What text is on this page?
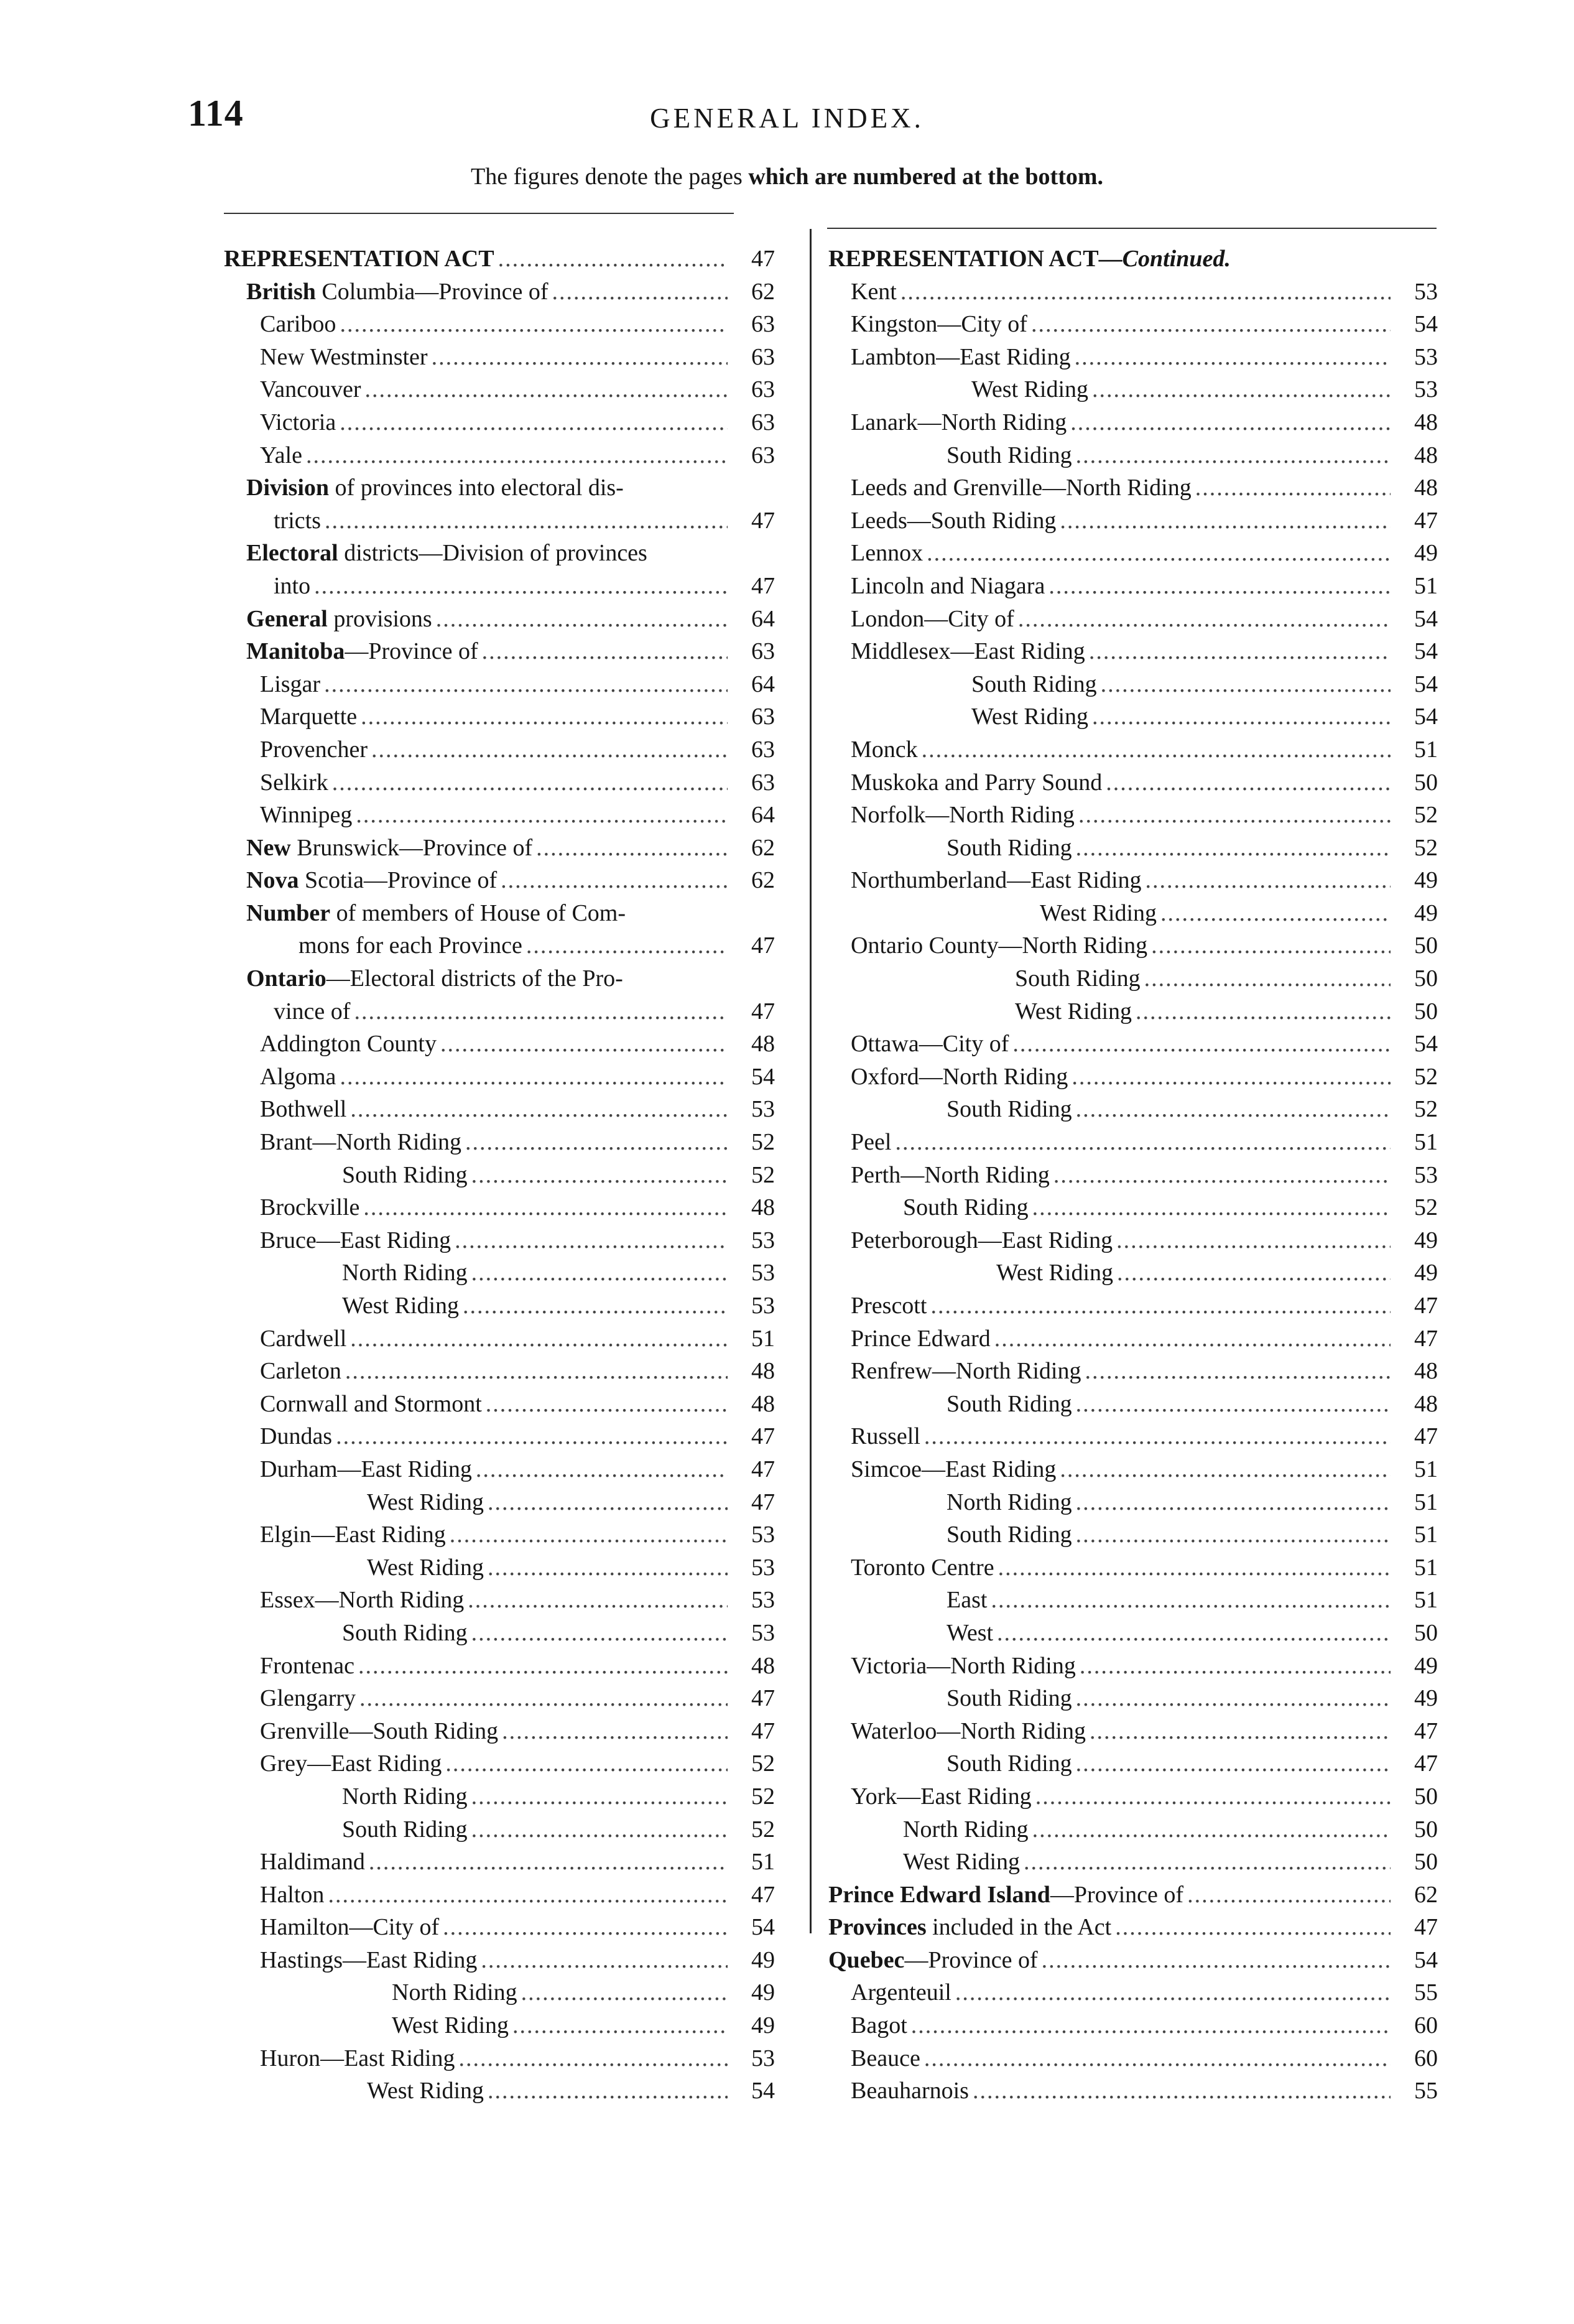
114	GENERAL INDEX.
The figures denote the pages which are numbered at the bottom.
REPRESENTATION ACT .....	47
British Columbia—Province of .....	62
Cariboo .....	63
New Westminster .....	63
Vancouver .....	63
Victoria .....	63
Yale .....	63
Division of provinces into electoral dis-
tricts .....	47
Electoral districts—Division of provinces
into .....	47
General provisions .....	64
Manitoba—Province of .....	63
Lisgar .....	64
Marquette .....	63
Provencher .....	63
Selkirk .....	63
Winnipeg .....	64
New Brunswick—Province of .....	62
Nova Scotia—Province of .....	62
Number of members of House of Com-
mons for each Province .....	47
Ontario—Electoral districts of the Pro-
vince of .....	47
Addington County .....	48
Algoma .....	54
Bothwell .....	53
Brant—North Riding .....	52
South Riding .....	52
Brockville .....	48
Bruce—East Riding .....	53
North Riding .....	53
West Riding .....	53
Cardwell .....	51
Carleton .....	48
Cornwall and Stormont .....	48
Dundas .....	47
Durham—East Riding .....	47
West Riding .....	47
Elgin—East Riding .....	53
West Riding .....	53
Essex—North Riding .....	53
South Riding .....	53
Frontenac .....	48
Glengarry .....	47
Grenville—South Riding .....	47
Grey—East Riding .....	52
North Riding .....	52
South Riding .....	52
Haldimand .....	51
Halton .....	47
Hamilton—City of .....	54
Hastings—East Riding .....	49
North Riding .....	49
West Riding .....	49
Huron—East Riding .....	53
West Riding .....	54
REPRESENTATION ACT—Continued.
Kent .....	53
Kingston—City of .....	54
Lambton—East Riding .....	53
West Riding .....	53
Lanark—North Riding .....	48
South Riding .....	48
Leeds and Grenville—North Riding .....	48
Leeds—South Riding .....	47
Lennox .....	49
Lincoln and Niagara .....	51
London—City of .....	54
Middlesex—East Riding .....	54
South Riding .....	54
West Riding .....	54
Monck .....	51
Muskoka and Parry Sound .....	50
Norfolk—North Riding .....	52
South Riding .....	52
Northumberland—East Riding .....	49
West Riding .....	49
Ontario County—North Riding .....	50
South Riding .....	50
West Riding .....	50
Ottawa—City of .....	54
Oxford—North Riding .....	52
South Riding .....	52
Peel .....	51
Perth—North Riding .....	53
South Riding .....	52
Peterborough—East Riding .....	49
West Riding .....	49
Prescott .....	47
Prince Edward .....	47
Renfrew—North Riding .....	48
South Riding .....	48
Russell .....	47
Simcoe—East Riding .....	51
North Riding .....	51
South Riding .....	51
Toronto Centre .....	51
East .....	51
West .....	50
Victoria—North Riding .....	49
South Riding .....	49
Waterloo—North Riding .....	47
South Riding .....	47
York—East Riding .....	50
North Riding .....	50
West Riding .....	50
Prince Edward Island—Province of .....	62
Provinces included in the Act .....	47
Quebec—Province of .....	54
Argenteuil .....	55
Bagot .....	60
Beauce .....	60
Beauharnois .....	55
